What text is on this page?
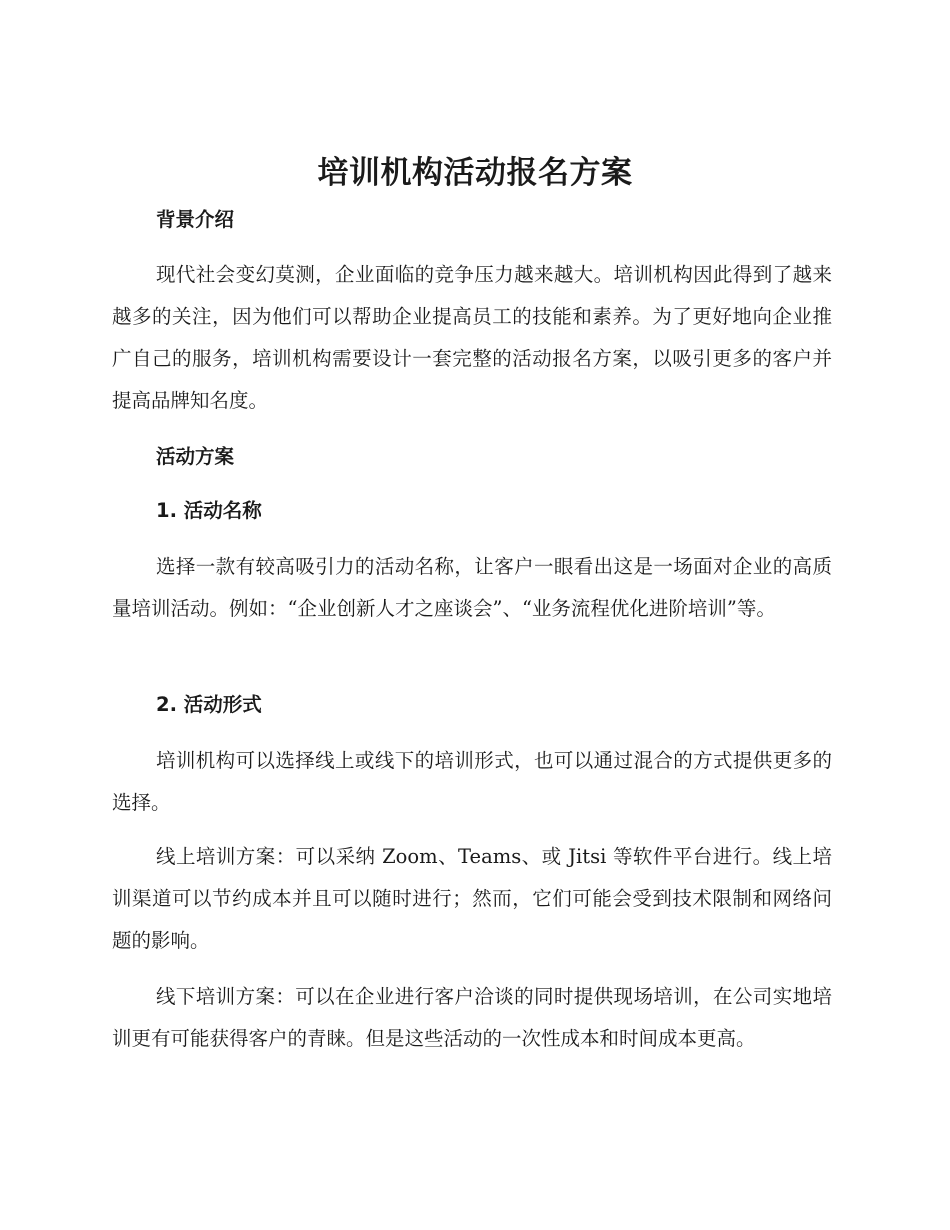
培训机构活动报名方案
背景介绍

现代社会变幻莫测，企业面临的竞争压力越来越大。培训机构因此得到了越来越多的关注，因为他们可以帮助企业提高员工的技能和素养。为了更好地向企业推广自己的服务，培训机构需要设计一套完整的活动报名方案，以吸引更多的客户并提高品牌知名度。

活动方案
1. 活动名称

选择一款有较高吸引力的活动名称，让客户一眼看出这是一场面对企业的高质量培训活动。例如：“企业创新人才之座谈会”、“业务流程优化进阶培训”等。

2. 活动形式

培训机构可以选择线上或线下的培训形式，也可以通过混合的方式提供更多的选择。

线上培训方案：可以采纳 Zoom、Teams、或 Jitsi 等软件平台进行。线上培训渠道可以节约成本并且可以随时进行；然而，它们可能会受到技术限制和网络问题的影响。

线下培训方案：可以在企业进行客户洽谈的同时提供现场培训，在公司实地培训更有可能获得客户的青睐。但是这些活动的一次性成本和时间成本更高。
